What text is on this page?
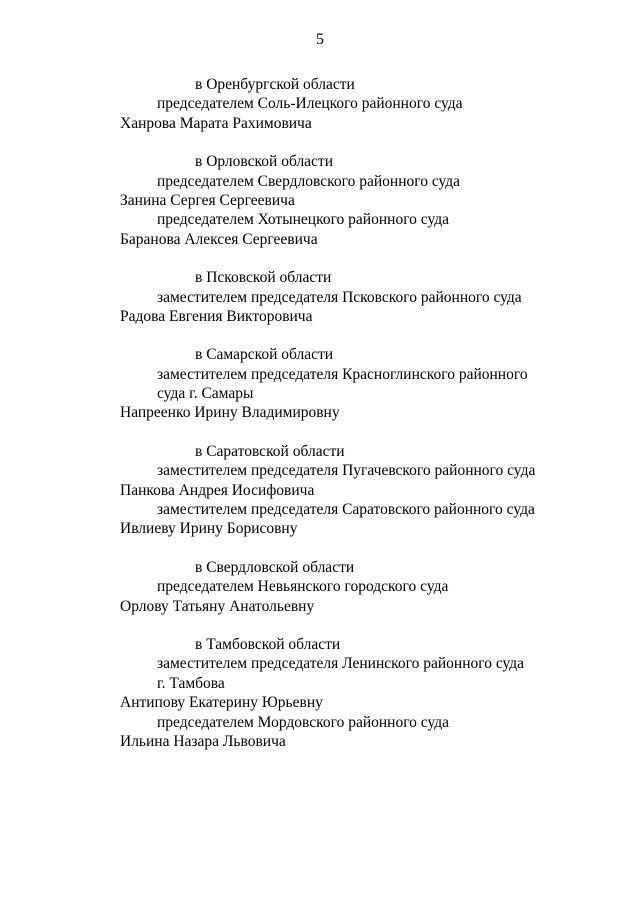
5
в Оренбургской области
председателем Соль-Илецкого районного суда
Ханрова Марата Рахимовича
в Орловской области
председателем Свердловского районного суда
Занина Сергея Сергеевича
председателем Хотынецкого районного суда
Баранова Алексея Сергеевича
в Псковской области
заместителем председателя Псковского районного суда
Радова Евгения Викторовича
в Самарской области
заместителем председателя Красноглинского районного
суда г. Самары
Напреенко Ирину Владимировну
в Саратовской области
заместителем председателя Пугачевского районного суда
Панкова Андрея Иосифовича
заместителем председателя Саратовского районного суда
Ивлиеву Ирину Борисовну
в Свердловской области
председателем Невьянского городского суда
Орлову Татьяну Анатольевну
в Тамбовской области
заместителем председателя Ленинского районного суда
г. Тамбова
Антипову Екатерину Юрьевну
председателем Мордовского районного суда
Ильина Назара Львовича
